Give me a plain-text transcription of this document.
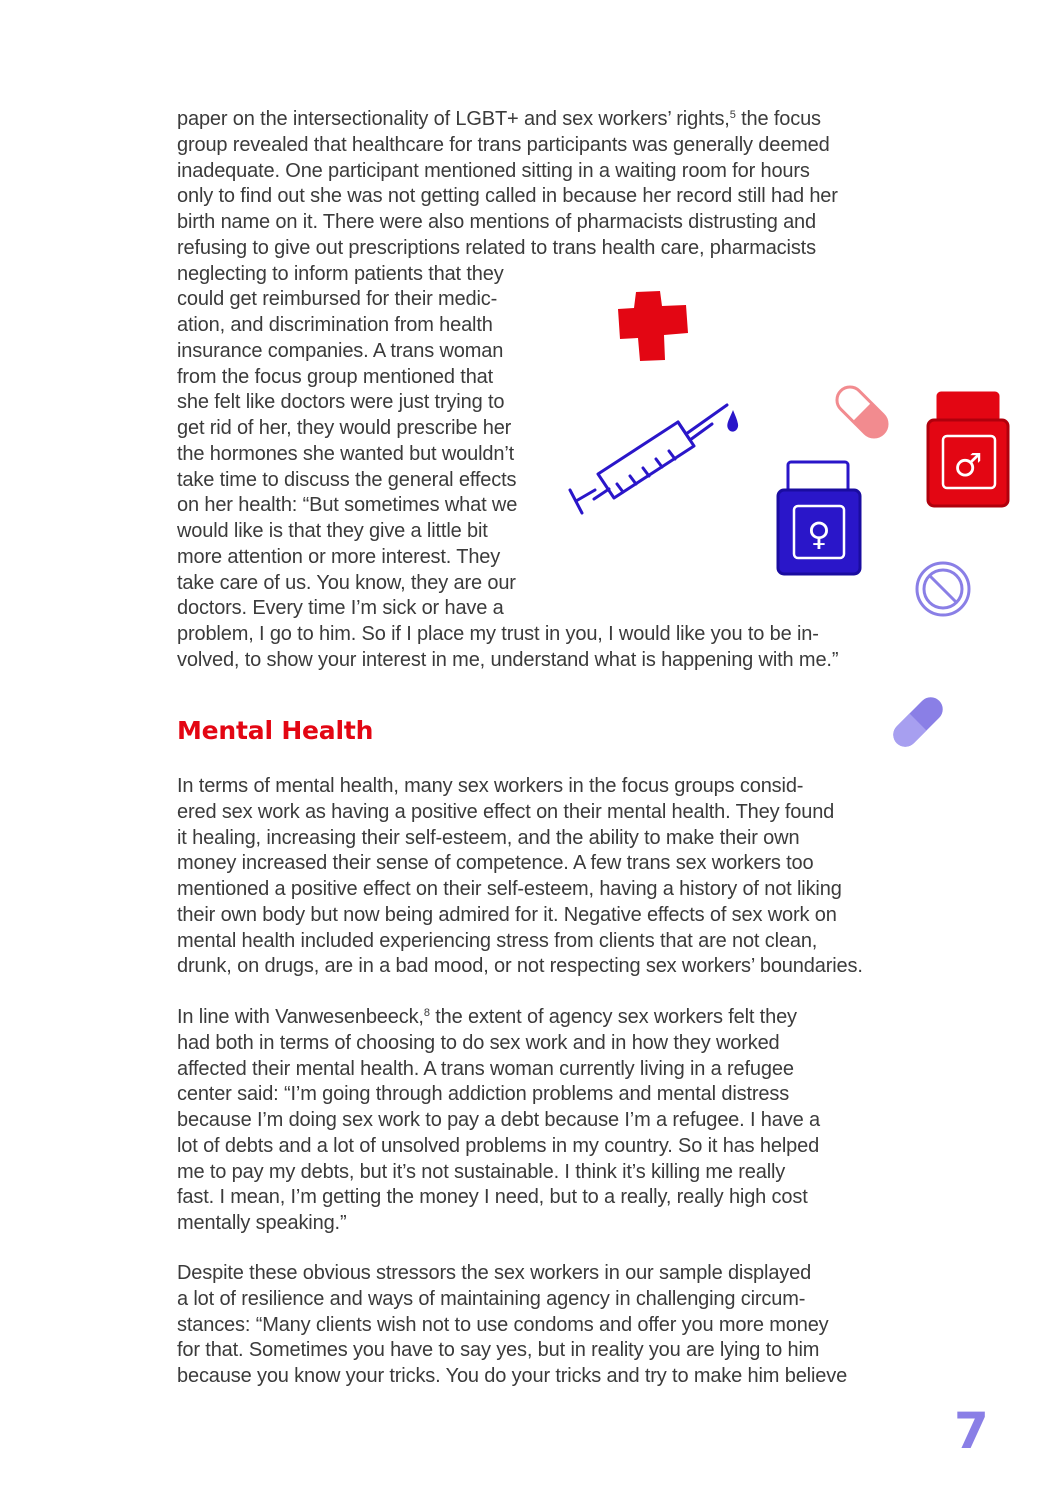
♂
♀
paper on the intersectionality of LGBT+ and sex workers’ rights,$^5$ the focus
group revealed that healthcare for trans participants was generally deemed
inadequate. One participant mentioned sitting in a waiting room for hours
only to find out she was not getting called in because her record still had her
birth name on it. There were also mentions of pharmacists distrusting and
refusing to give out prescriptions related to trans health care, pharmacists
neglecting to inform patients that they
could get reimbursed for their medic-
ation, and discrimination from health
insurance companies. A trans woman
from the focus group mentioned that
she felt like doctors were just trying to
get rid of her, they would prescribe her
the hormones she wanted but wouldn’t
take time to discuss the general effects
on her health: “But sometimes what we
would like is that they give a little bit
more attention or more interest. They
take care of us. You know, they are our
doctors. Every time I’m sick or have a
problem, I go to him. So if I place my trust in you, I would like you to be in-
volved, to show your interest in me, understand what is happening with me.”
Mental Health
In terms of mental health, many sex workers in the focus groups consid-
ered sex work as having a positive effect on their mental health. They found
it healing, increasing their self-esteem, and the ability to make their own
money increased their sense of competence. A few trans sex workers too
mentioned a positive effect on their self-esteem, having a history of not liking
their own body but now being admired for it. Negative effects of sex work on
mental health included experiencing stress from clients that are not clean,
drunk, on drugs, are in a bad mood, or not respecting sex workers’ boundaries.
In line with Vanwesenbeeck,$^8$ the extent of agency sex workers felt they
had both in terms of choosing to do sex work and in how they worked
affected their mental health. A trans woman currently living in a refugee
center said: “I’m going through addiction problems and mental distress
because I’m doing sex work to pay a debt because I’m a refugee. I have a
lot of debts and a lot of unsolved problems in my country. So it has helped
me to pay my debts, but it’s not sustainable. I think it’s killing me really
fast. I mean, I’m getting the money I need, but to a really, really high cost
mentally speaking.”
Despite these obvious stressors the sex workers in our sample displayed
a lot of resilience and ways of maintaining agency in challenging circum-
stances: “Many clients wish not to use condoms and offer you more money
for that. Sometimes you have to say yes, but in reality you are lying to him
because you know your tricks. You do your tricks and try to make him believe
7
